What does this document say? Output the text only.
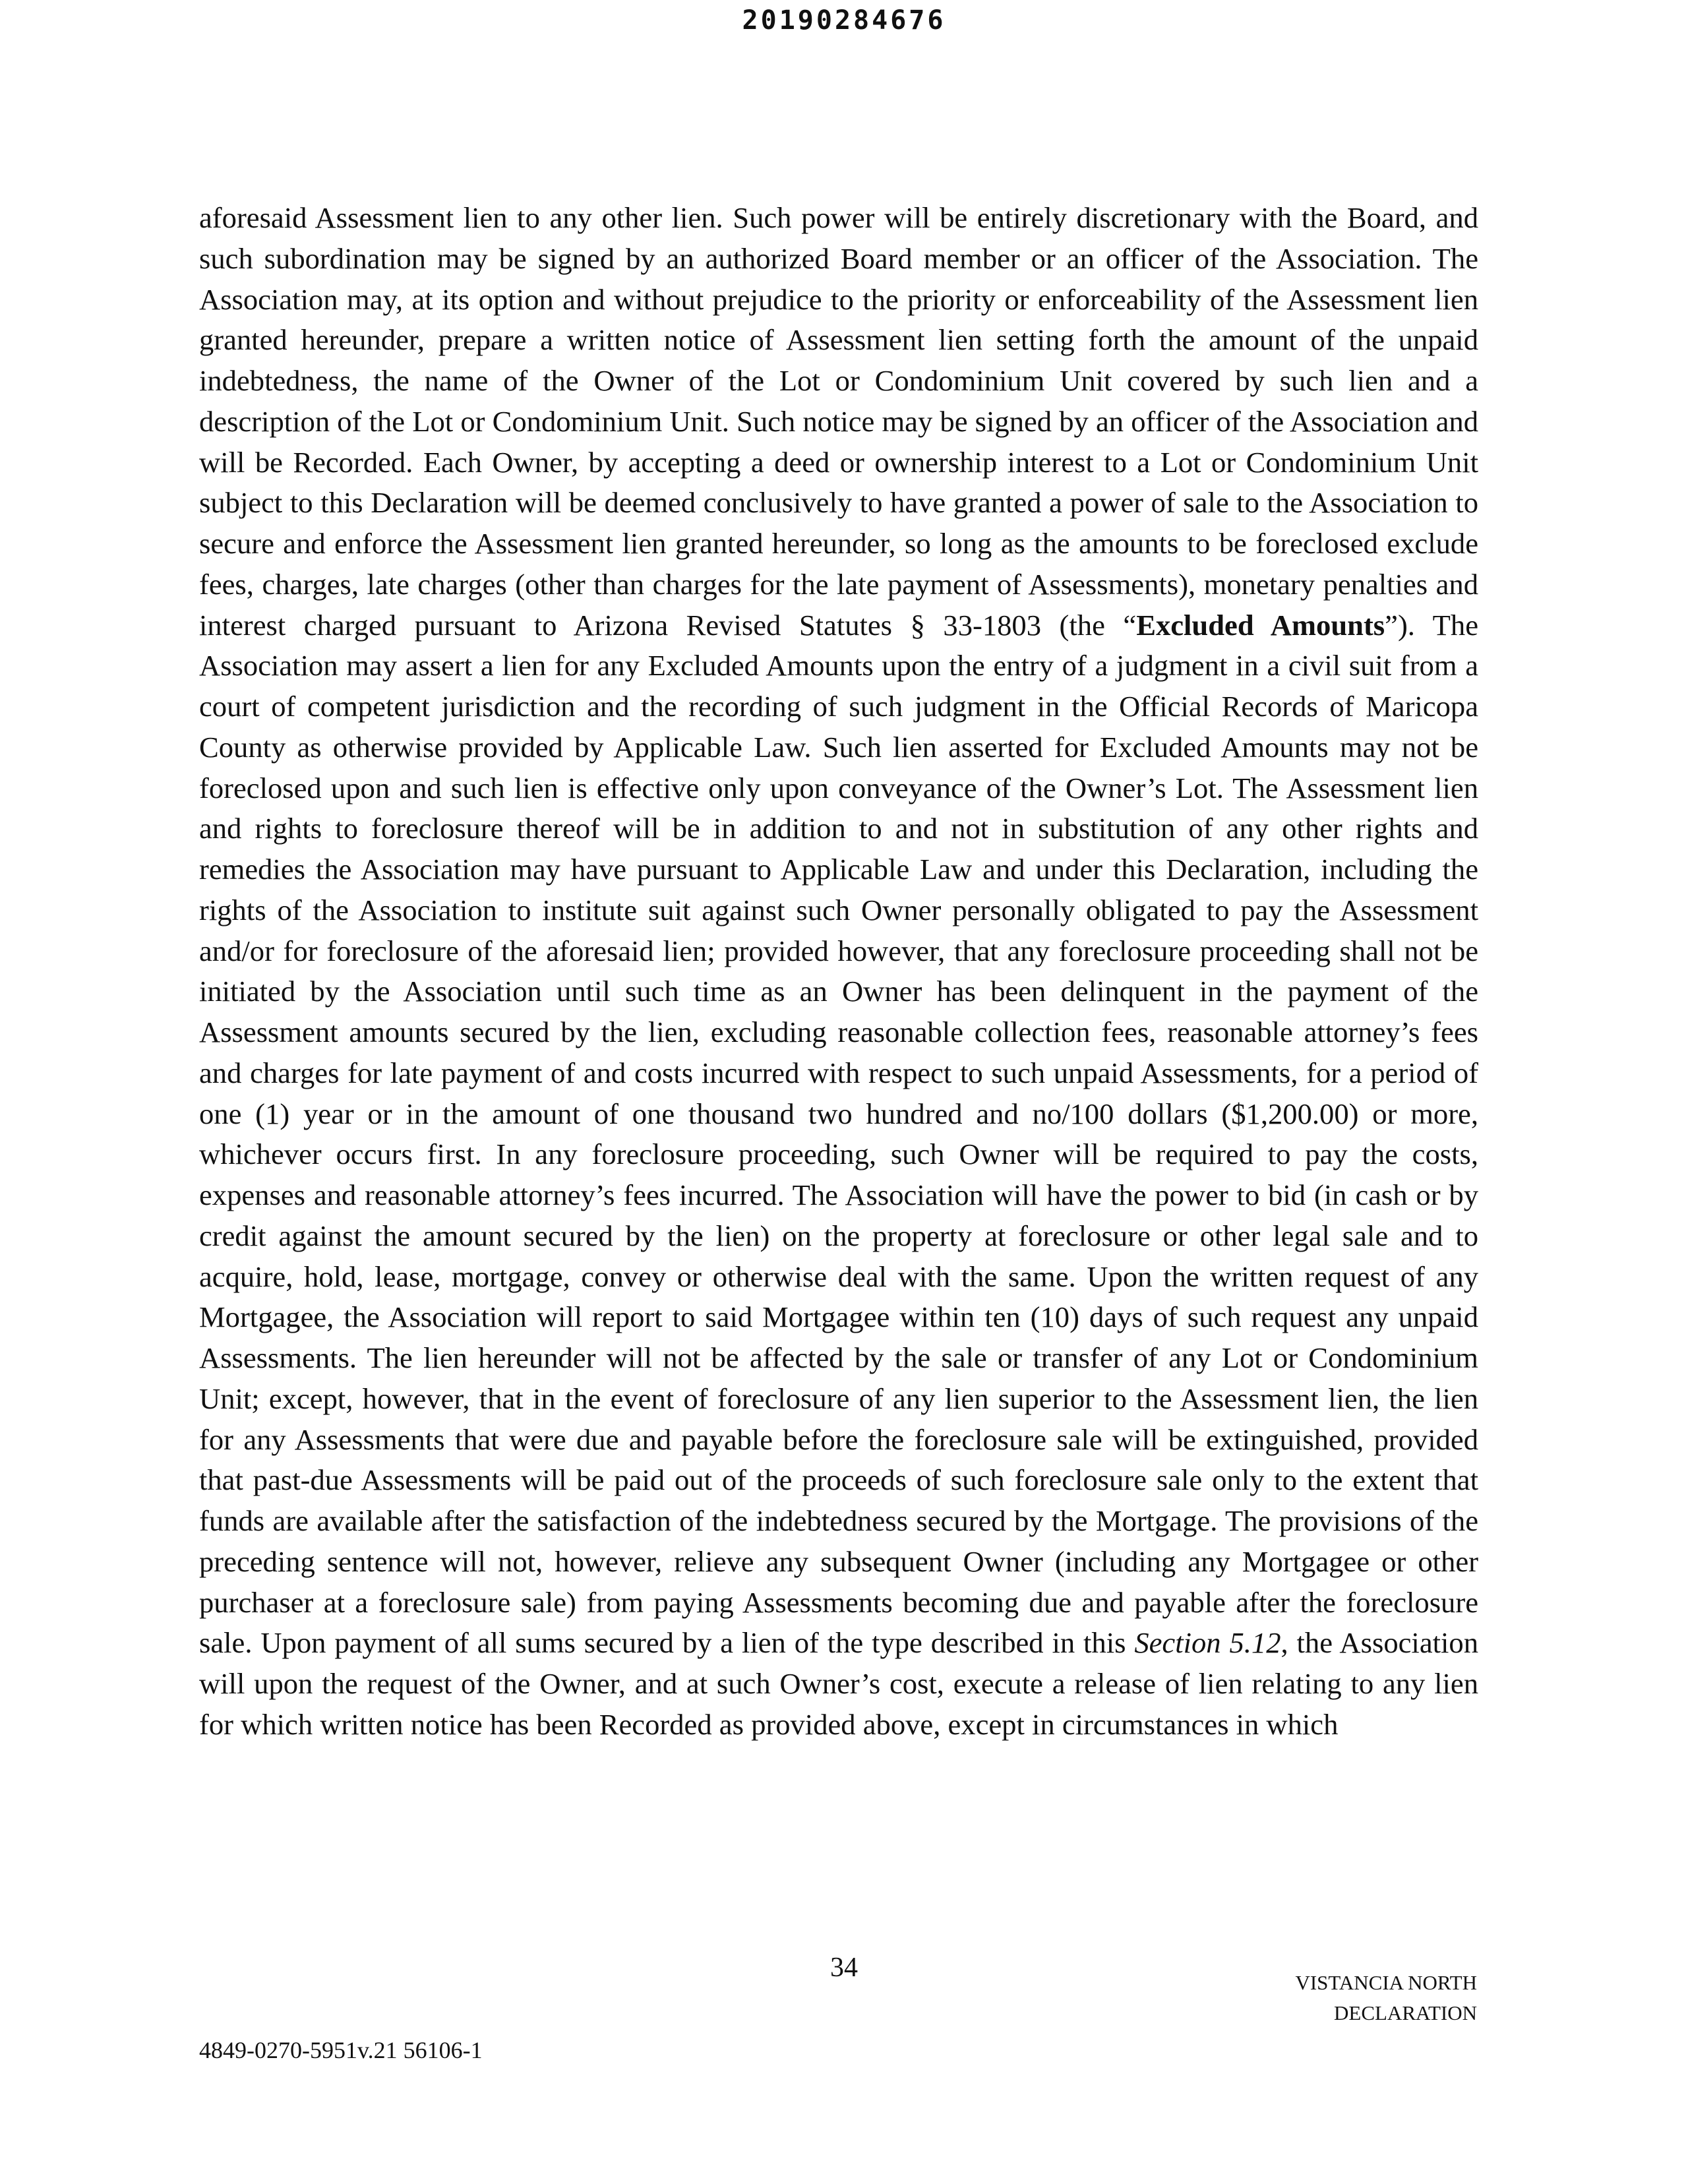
20190284676
aforesaid Assessment lien to any other lien. Such power will be entirely discretionary with the Board, and such subordination may be signed by an authorized Board member or an officer of the Association. The Association may, at its option and without prejudice to the priority or enforceability of the Assessment lien granted hereunder, prepare a written notice of Assessment lien setting forth the amount of the unpaid indebtedness, the name of the Owner of the Lot or Condominium Unit covered by such lien and a description of the Lot or Condominium Unit. Such notice may be signed by an officer of the Association and will be Recorded. Each Owner, by accepting a deed or ownership interest to a Lot or Condominium Unit subject to this Declaration will be deemed conclusively to have granted a power of sale to the Association to secure and enforce the Assessment lien granted hereunder, so long as the amounts to be foreclosed exclude fees, charges, late charges (other than charges for the late payment of Assessments), monetary penalties and interest charged pursuant to Arizona Revised Statutes § 33-1803 (the “Excluded Amounts”). The Association may assert a lien for any Excluded Amounts upon the entry of a judgment in a civil suit from a court of competent jurisdiction and the recording of such judgment in the Official Records of Maricopa County as otherwise provided by Applicable Law. Such lien asserted for Excluded Amounts may not be foreclosed upon and such lien is effective only upon conveyance of the Owner’s Lot. The Assessment lien and rights to foreclosure thereof will be in addition to and not in substitution of any other rights and remedies the Association may have pursuant to Applicable Law and under this Declaration, including the rights of the Association to institute suit against such Owner personally obligated to pay the Assessment and/or for foreclosure of the aforesaid lien; provided however, that any foreclosure proceeding shall not be initiated by the Association until such time as an Owner has been delinquent in the payment of the Assessment amounts secured by the lien, excluding reasonable collection fees, reasonable attorney’s fees and charges for late payment of and costs incurred with respect to such unpaid Assessments, for a period of one (1) year or in the amount of one thousand two hundred and no/100 dollars ($1,200.00) or more, whichever occurs first. In any foreclosure proceeding, such Owner will be required to pay the costs, expenses and reasonable attorney’s fees incurred. The Association will have the power to bid (in cash or by credit against the amount secured by the lien) on the property at foreclosure or other legal sale and to acquire, hold, lease, mortgage, convey or otherwise deal with the same. Upon the written request of any Mortgagee, the Association will report to said Mortgagee within ten (10) days of such request any unpaid Assessments. The lien hereunder will not be affected by the sale or transfer of any Lot or Condominium Unit; except, however, that in the event of foreclosure of any lien superior to the Assessment lien, the lien for any Assessments that were due and payable before the foreclosure sale will be extinguished, provided that past-due Assessments will be paid out of the proceeds of such foreclosure sale only to the extent that funds are available after the satisfaction of the indebtedness secured by the Mortgage. The provisions of the preceding sentence will not, however, relieve any subsequent Owner (including any Mortgagee or other purchaser at a foreclosure sale) from paying Assessments becoming due and payable after the foreclosure sale. Upon payment of all sums secured by a lien of the type described in this Section 5.12, the Association will upon the request of the Owner, and at such Owner’s cost, execute a release of lien relating to any lien for which written notice has been Recorded as provided above, except in circumstances in which
34	VISTANCIA NORTH
DECLARATION
4849-0270-5951v.21 56106-1
